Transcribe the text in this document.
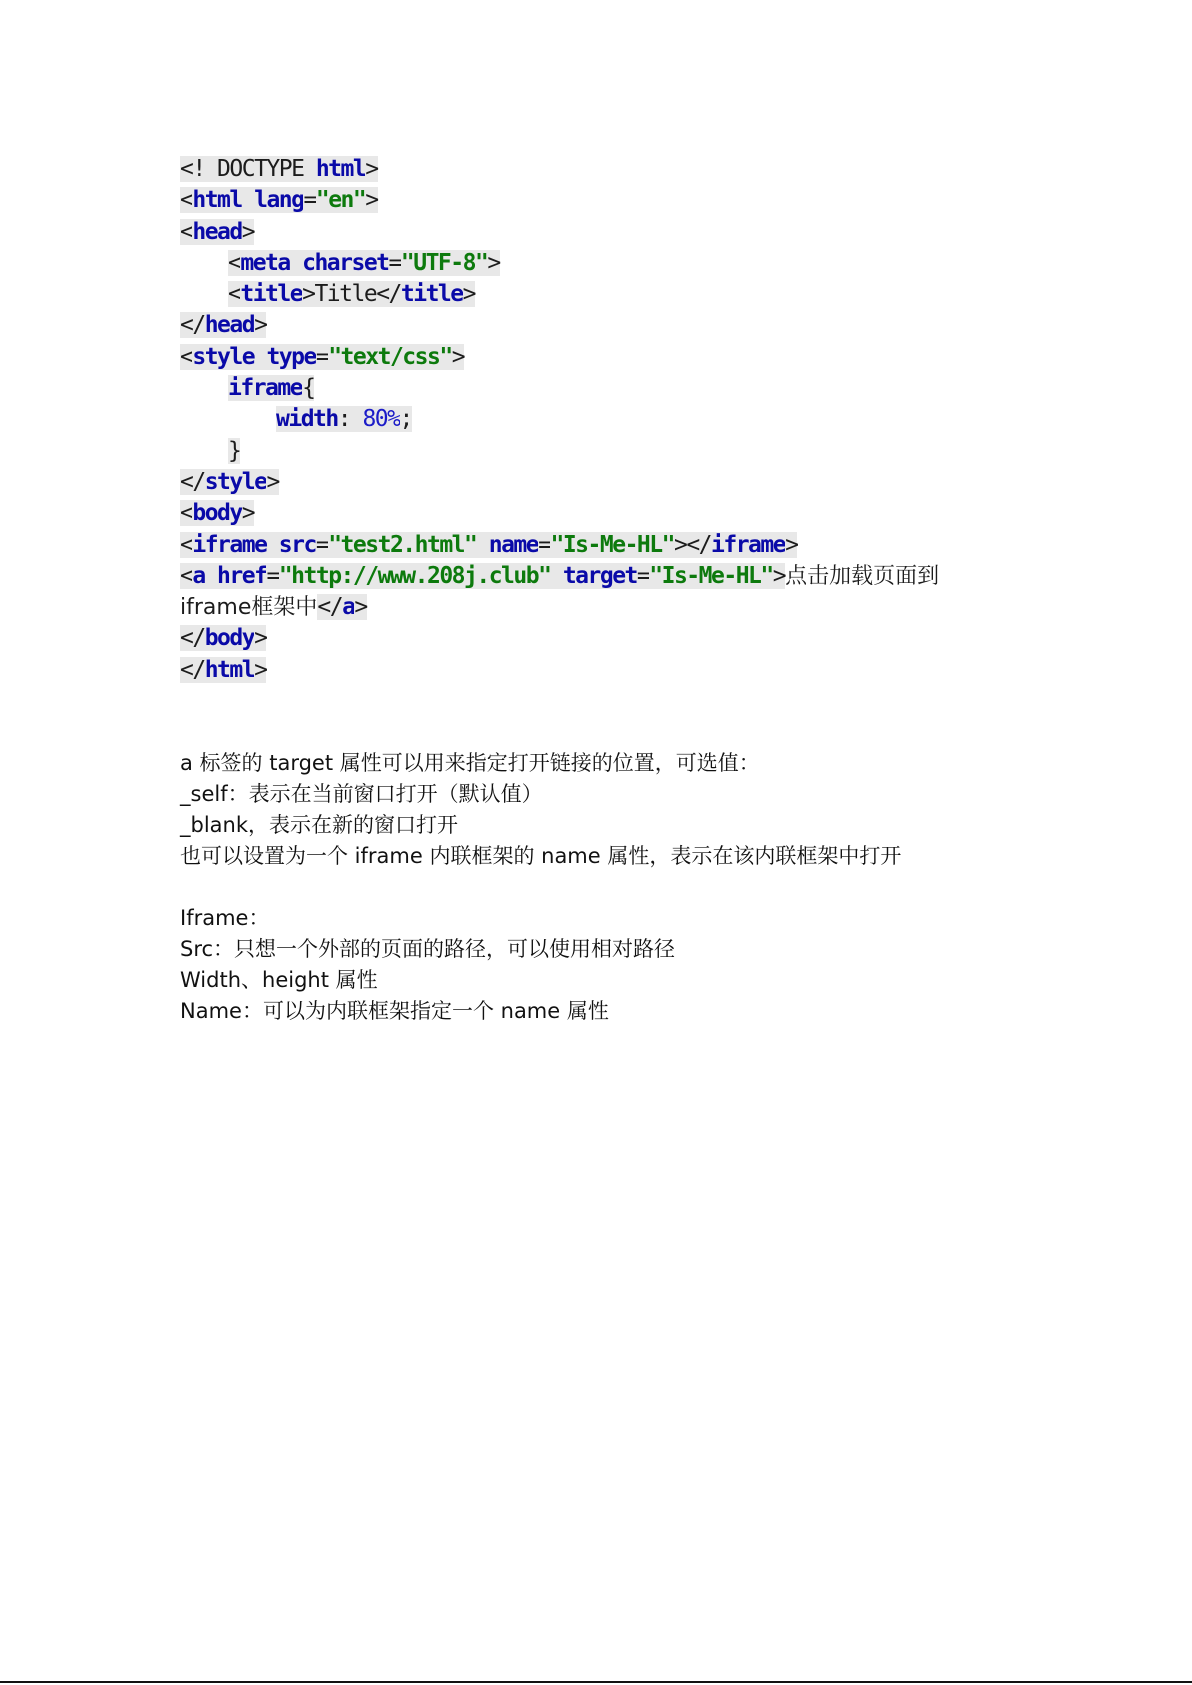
<! DOCTYPE html>
<html lang="en">
<head>
<meta charset="UTF-8">
<title>Title</title>
</head>
<style type="text/css">
iframe{
width: 80%;
}
</style>
<body>
<iframe src="test2.html" name="Is-Me-HL"></iframe>
<a href="http://www.208j.club" target="Is-Me-HL">点击加载页面到
iframe框架中</a>
</body>
</html>
a 标签的 target 属性可以用来指定打开链接的位置，可选值：
_self：表示在当前窗口打开（默认值）
_blank，表示在新的窗口打开
也可以设置为一个 iframe 内联框架的 name 属性，表示在该内联框架中打开
Iframe：
Src：只想一个外部的页面的路径，可以使用相对路径
Width、height 属性
Name：可以为内联框架指定一个 name 属性
